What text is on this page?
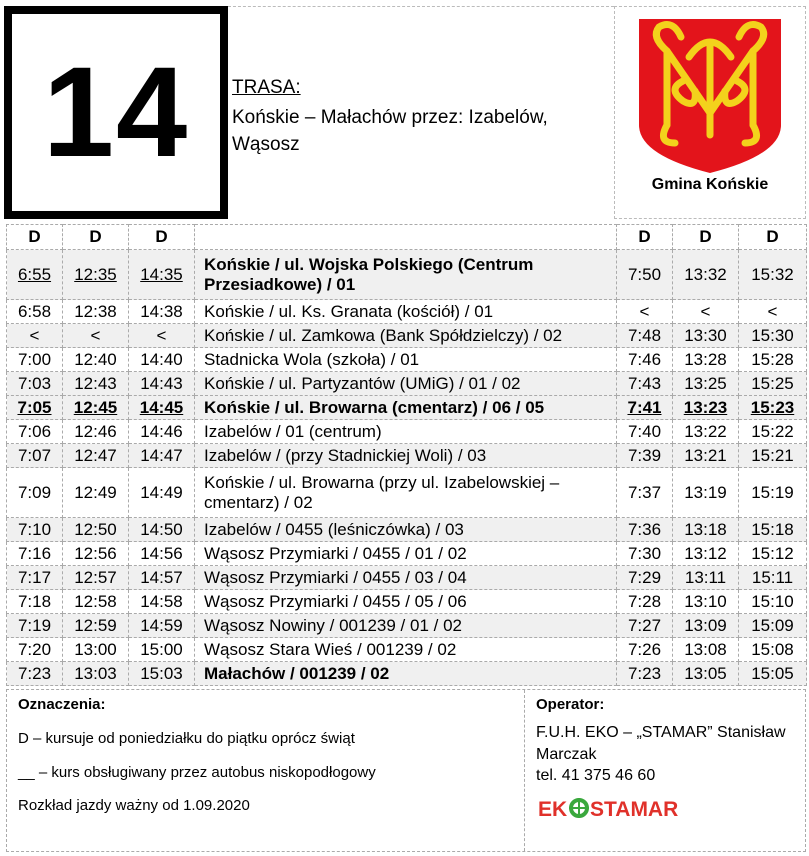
14 TRASA:
Końskie – Małachów przez: Izabelów, Wąsosz
Gmina Końskie
D	D	D		D	D	D
6:55	12:35	14:35	Końskie / ul. Wojska Polskiego (Centrum Przesiadkowe) / 01	7:50	13:32	15:32
6:58	12:38	14:38	Końskie / ul. Ks. Granata (kościół) / 01	<	<	<
<	<	<	Końskie / ul. Zamkowa (Bank Spółdzielczy) / 02	7:48	13:30	15:30
7:00	12:40	14:40	Stadnicka Wola (szkoła) / 01	7:46	13:28	15:28
7:03	12:43	14:43	Końskie / ul. Partyzantów (UMiG) / 01 / 02	7:43	13:25	15:25
7:05	12:45	14:45	Końskie / ul. Browarna (cmentarz) / 06 / 05	7:41	13:23	15:23
7:06	12:46	14:46	Izabelów / 01 (centrum)	7:40	13:22	15:22
7:07	12:47	14:47	Izabelów / (przy Stadnickiej Woli) / 03	7:39	13:21	15:21
7:09	12:49	14:49	Końskie / ul. Browarna (przy ul. Izabelowskiej – cmentarz) / 02	7:37	13:19	15:19
7:10	12:50	14:50	Izabelów / 0455 (leśniczówka) / 03	7:36	13:18	15:18
7:16	12:56	14:56	Wąsosz Przymiarki / 0455 / 01 / 02	7:30	13:12	15:12
7:17	12:57	14:57	Wąsosz Przymiarki / 0455 / 03 / 04	7:29	13:11	15:11
7:18	12:58	14:58	Wąsosz Przymiarki / 0455 / 05 / 06	7:28	13:10	15:10
7:19	12:59	14:59	Wąsosz Nowiny / 001239 / 01 / 02	7:27	13:09	15:09
7:20	13:00	15:00	Wąsosz Stara Wieś / 001239 / 02	7:26	13:08	15:08
7:23	13:03	15:03	Małachów / 001239 / 02	7:23	13:05	15:05
Oznaczenia:
D – kursuje od poniedziałku do piątku oprócz świąt
__ – kurs obsługiwany przez autobus niskopodłogowy
Rozkład jazdy ważny od 1.09.2020
Operator:
F.U.H. EKO – „STAMAR” Stanisław Marczak
tel. 41 375 46 60
EK STAMAR
